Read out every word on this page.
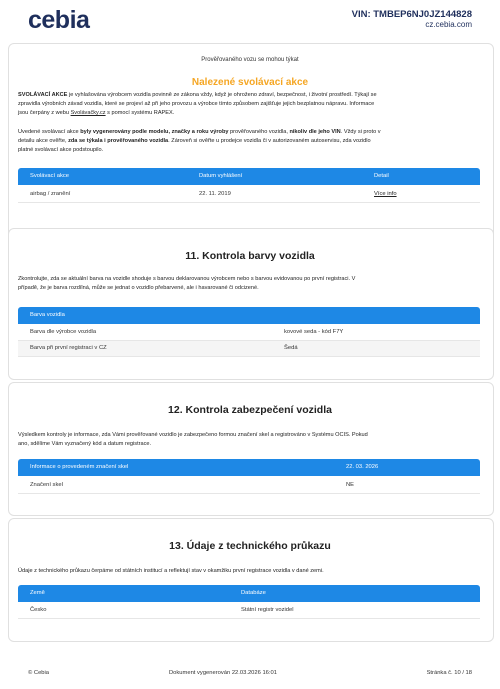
cebia	VIN: TMBEP6NJ0JZ144828
cz.cebia.com
Prověřovaného vozu se mohou týkat
Nalezené svolávací akce
SVOLÁVACÍ AKCE je vyhlašována výrobcem vozidla povinně ze zákona vždy, když je ohroženo zdraví, bezpečnost, i životní prostředí. Týkají se
zpravidla výrobních závad vozidla, které se projeví až při jeho provozu a výrobce tímto způsobem zajišťuje jejich bezplatnou nápravu. Informace
jsou čerpány z webu Svolávačky.cz s pomocí systému RAPEX.
Uvedené svolávací akce byly vygenerovány podle modelu, značky a roku výroby prověřovaného vozidla, nikoliv dle jeho VIN. Vždy si proto v
detailu akce ověřte, zda se týkala i prověřovaného vozidla. Zároveň si ověřte u prodejce vozidla či v autorizovaném autoservisu, zda vozidlo
platné svolávací akce podstoupilo.
Svolávací akce	Datum vyhlášení	Detail
airbag / zranění	22. 11. 2019	Více info
11. Kontrola barvy vozidla
Zkontrolujte, zda se aktuální barva na vozidle shoduje s barvou deklarovanou výrobcem nebo s barvou evidovanou po první registraci. V
případě, že je barva rozdílná, může se jednat o vozidlo přebarvené, ale i havarované či odcizené.
Barva vozidla
Barva dle výrobce vozidla	kovové seda - kód F7Y
Barva při první registraci v CZ	Šedá
12. Kontrola zabezpečení vozidla
Výsledkem kontroly je informace, zda Vámi prověřované vozidlo je zabezpečeno formou značení skel a registrováno v Systému OCIS. Pokud
ano, sdělíme Vám vyznačený kód a datum registrace.
Informace o provedeném značení skel	22. 03. 2026
Značení skel	NE
13. Údaje z technického průkazu
Údaje z technického průkazu čerpáme od státních institucí a reflektují stav v okamžiku první registrace vozidla v dané zemi.
Země	Databáze
Česko	Státní registr vozidel
© Cebia	Dokument vygenerován 22.03.2026 16:01	Stránka č. 10 / 18
